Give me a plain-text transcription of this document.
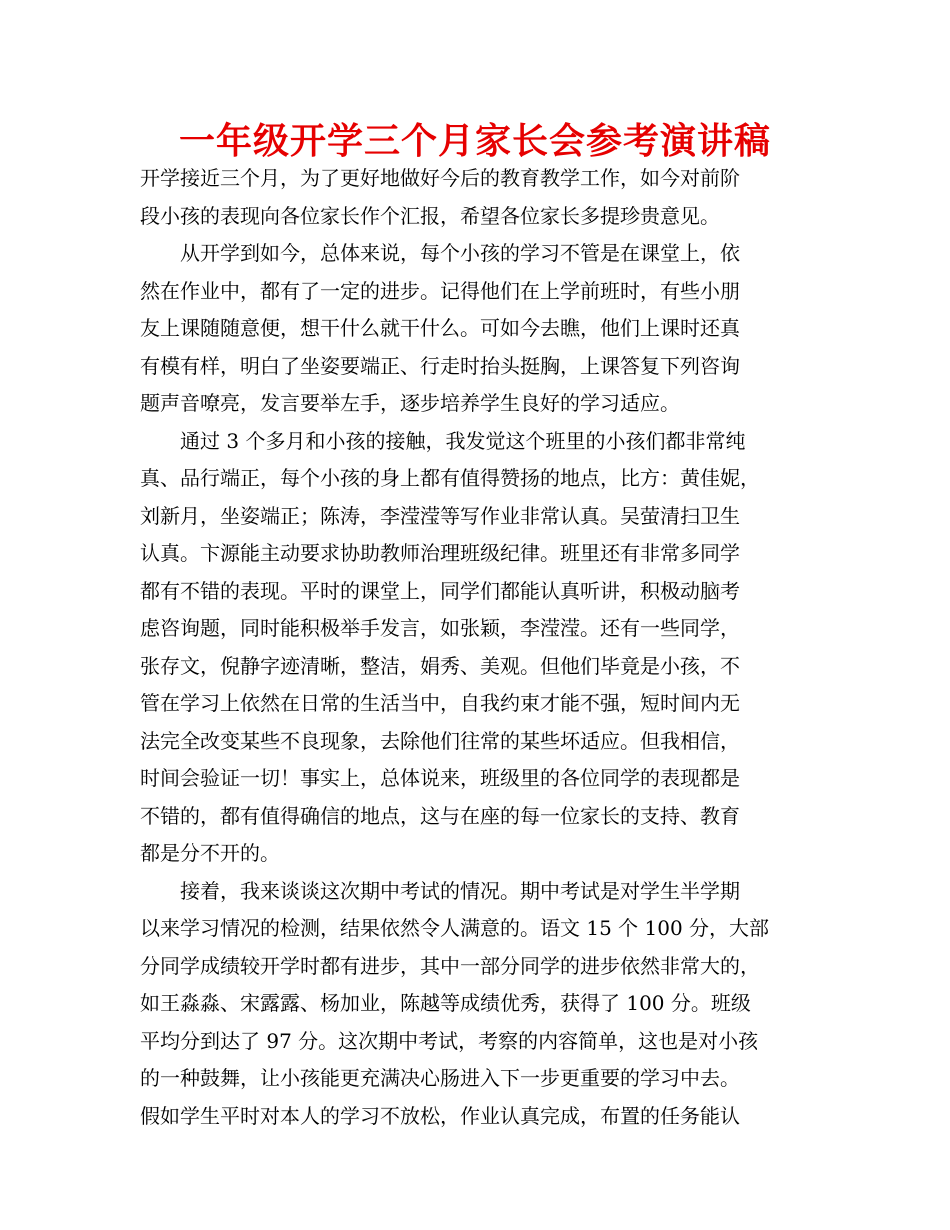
一年级开学三个月家长会参考演讲稿
开学接近三个月，为了更好地做好今后的教育教学工作，如今对前阶
段小孩的表现向各位家长作个汇报，希望各位家长多提珍贵意见。
　　从开学到如今，总体来说，每个小孩的学习不管是在课堂上，依
然在作业中，都有了一定的进步。记得他们在上学前班时，有些小朋
友上课随随意便，想干什么就干什么。可如今去瞧，他们上课时还真
有模有样，明白了坐姿要端正、行走时抬头挺胸，上课答复下列咨询
题声音嘹亮，发言要举左手，逐步培养学生良好的学习适应。
　　通过 3 个多月和小孩的接触，我发觉这个班里的小孩们都非常纯
真、品行端正，每个小孩的身上都有值得赞扬的地点，比方：黄佳妮，
刘新月，坐姿端正；陈涛，李滢滢等写作业非常认真。吴萤清扫卫生
认真。卞源能主动要求协助教师治理班级纪律。班里还有非常多同学
都有不错的表现。平时的课堂上，同学们都能认真听讲，积极动脑考
虑咨询题，同时能积极举手发言，如张颖，李滢滢。还有一些同学，
张存文，倪静字迹清晰，整洁，娟秀、美观。但他们毕竟是小孩，不
管在学习上依然在日常的生活当中，自我约束才能不强，短时间内无
法完全改变某些不良现象，去除他们往常的某些坏适应。但我相信，
时间会验证一切！事实上，总体说来，班级里的各位同学的表现都是
不错的，都有值得确信的地点，这与在座的每一位家长的支持、教育
都是分不开的。
　　接着，我来谈谈这次期中考试的情况。期中考试是对学生半学期
以来学习情况的检测，结果依然令人满意的。语文 15 个 100 分，大部
分同学成绩较开学时都有进步，其中一部分同学的进步依然非常大的，
如王淼淼、宋露露、杨加业，陈越等成绩优秀，获得了 100 分。班级
平均分到达了 97 分。这次期中考试，考察的内容简单，这也是对小孩
的一种鼓舞，让小孩能更充满决心肠进入下一步更重要的学习中去。
假如学生平时对本人的学习不放松，作业认真完成，布置的任务能认
